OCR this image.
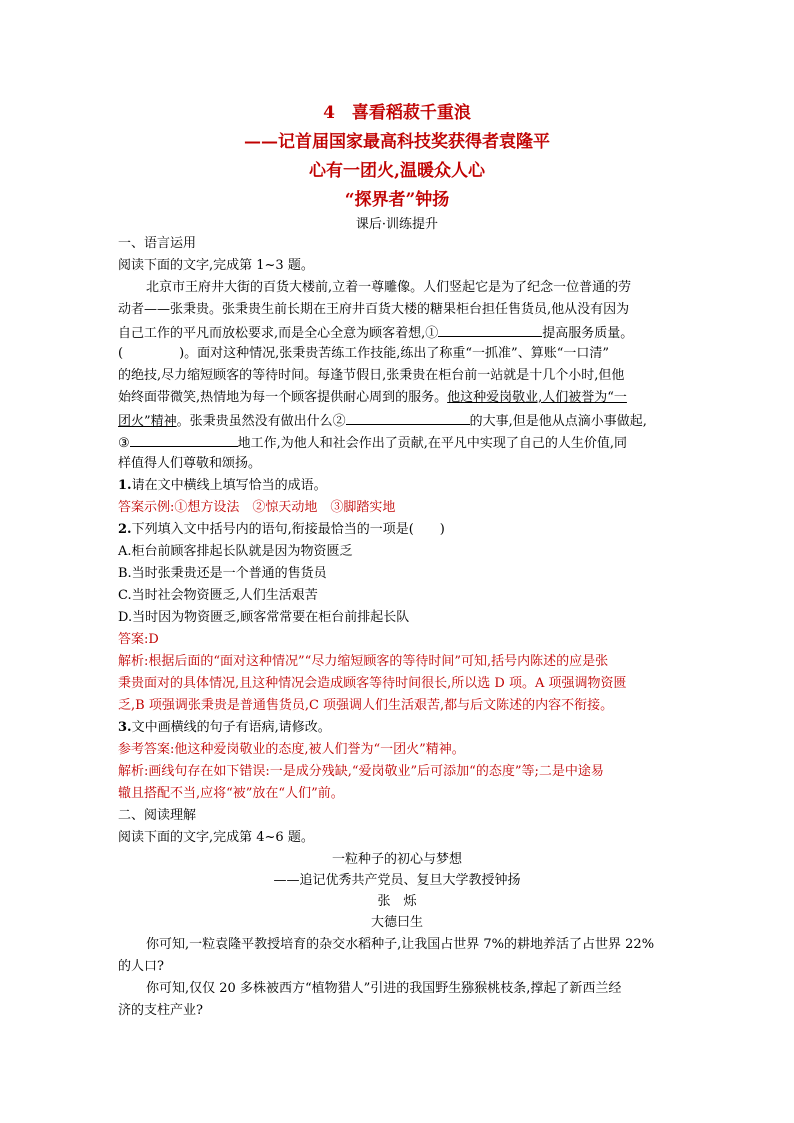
4　喜看稻菽千重浪
——记首届国家最高科技奖获得者袁隆平
心有一团火,温暖众人心
“探界者”钟扬
课后·训练提升
一、语言运用
阅读下面的文字,完成第 1~3 题。
北京市王府井大街的百货大楼前,立着一尊雕像。人们竖起它是为了纪念一位普通的劳
动者——张秉贵。张秉贵生前长期在王府井百货大楼的糖果柜台担任售货员,他从没有因为
自己工作的平凡而放松要求,而是全心全意为顾客着想,①	提高服务质量。
(	)。面对这种情况,张秉贵苦练工作技能,练出了称重“一抓准”、算账“一口清”
的绝技,尽力缩短顾客的等待时间。每逢节假日,张秉贵在柜台前一站就是十几个小时,但他
始终面带微笑,热情地为每一个顾客提供耐心周到的服务。他这种爱岗敬业,人们被誉为“一
团火”精神。张秉贵虽然没有做出什么②	的大事,但是他从点滴小事做起,
③	地工作,为他人和社会作出了贡献,在平凡中实现了自己的人生价值,同
样值得人们尊敬和颂扬。
1.请在文中横线上填写恰当的成语。
答案示例:①想方设法　②惊天动地　③脚踏实地
2.下列填入文中括号内的语句,衔接最恰当的一项是(　　)
A.柜台前顾客排起长队就是因为物资匮乏
B.当时张秉贵还是一个普通的售货员
C.当时社会物资匮乏,人们生活艰苦
D.当时因为物资匮乏,顾客常常要在柜台前排起长队
答案:D
解析:根据后面的“面对这种情况”“尽力缩短顾客的等待时间”可知,括号内陈述的应是张
秉贵面对的具体情况,且这种情况会造成顾客等待时间很长,所以选 D 项。A 项强调物资匮
乏,B 项强调张秉贵是普通售货员,C 项强调人们生活艰苦,都与后文陈述的内容不衔接。
3.文中画横线的句子有语病,请修改。
参考答案:他这种爱岗敬业的态度,被人们誉为“一团火”精神。
解析:画线句存在如下错误:一是成分残缺,“爱岗敬业”后可添加“的态度”等;二是中途易
辙且搭配不当,应将“被”放在“人们”前。
二、阅读理解
阅读下面的文字,完成第 4~6 题。
一粒种子的初心与梦想
——追记优秀共产党员、复旦大学教授钟扬
张　烁
大德曰生
你可知,一粒袁隆平教授培育的杂交水稻种子,让我国占世界 7%的耕地养活了占世界 22%
的人口?
你可知,仅仅 20 多株被西方“植物猎人”引进的我国野生猕猴桃枝条,撑起了新西兰经
济的支柱产业?
